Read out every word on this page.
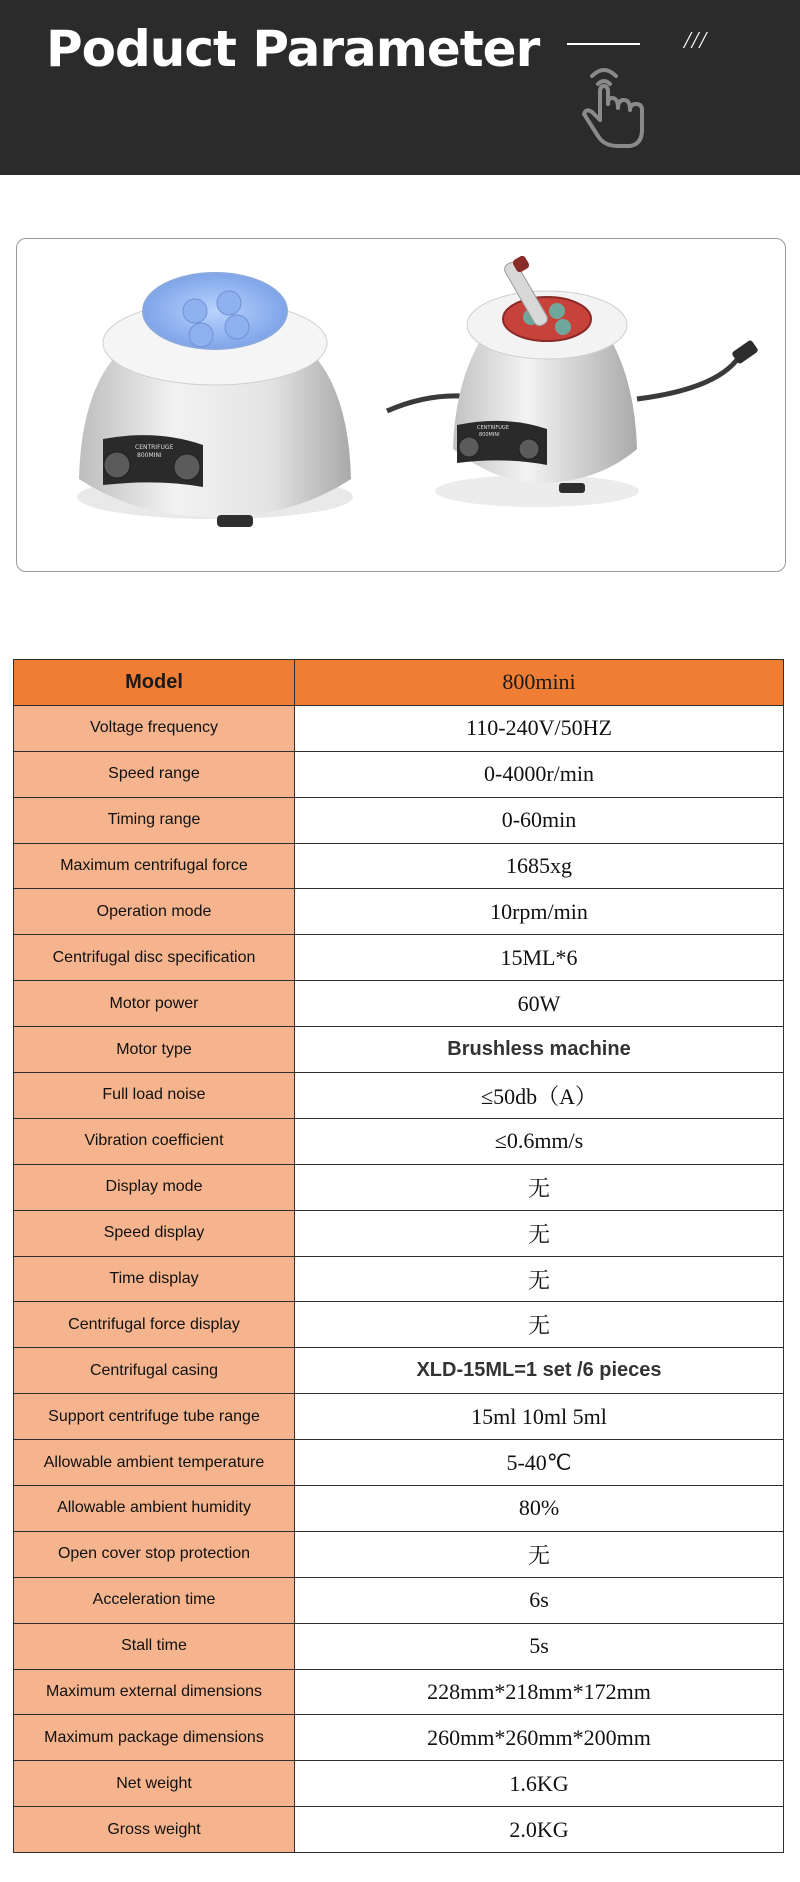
Poduct Parameter	///
CENTRIFUGE
800MINI
CENTRIFUGE
800MINI
Model	800mini
Voltage frequency	110-240V/50HZ
Speed range	0-4000r/min
Timing range	0-60min
Maximum centrifugal force	1685xg
Operation mode	10rpm/min
Centrifugal disc specification	15ML*6
Motor power	60W
Motor type	Brushless machine
Full load noise	≤50db（A）
Vibration coefficient	≤0.6mm/s
Display mode	无
Speed display	无
Time display	无
Centrifugal force display	无
Centrifugal casing	XLD-15ML=1 set /6 pieces
Support centrifuge tube range	15ml 10ml 5ml
Allowable ambient temperature	5-40℃
Allowable ambient humidity	80%
Open cover stop protection	无
Acceleration time	6s
Stall time	5s
Maximum external dimensions	228mm*218mm*172mm
Maximum package dimensions	260mm*260mm*200mm
Net weight	1.6KG
Gross weight	2.0KG
